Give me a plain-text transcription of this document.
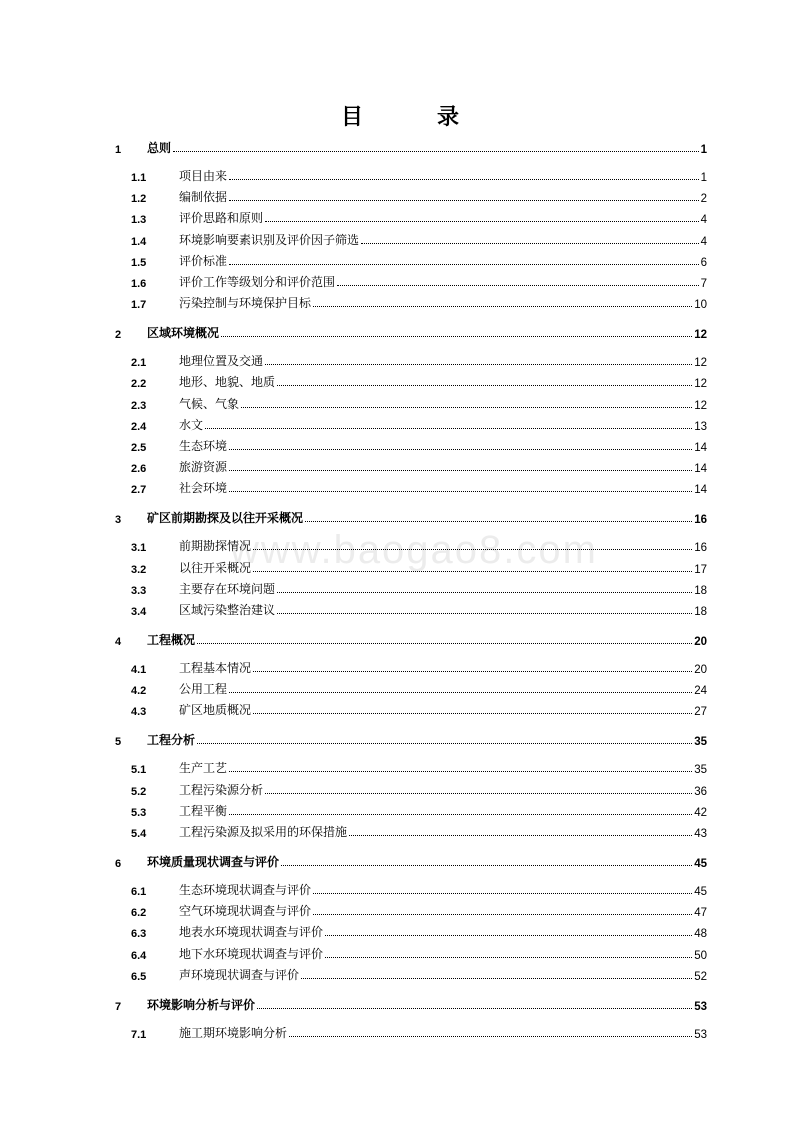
目　录
1	总则	1
1.1	项目由来	1
1.2	编制依据	2
1.3	评价思路和原则	4
1.4	环境影响要素识别及评价因子筛选	4
1.5	评价标准	6
1.6	评价工作等级划分和评价范围	7
1.7	污染控制与环境保护目标	10
2	区域环境概况	12
2.1	地理位置及交通	12
2.2	地形、地貌、地质	12
2.3	气候、气象	12
2.4	水文	13
2.5	生态环境	14
2.6	旅游资源	14
2.7	社会环境	14
3	矿区前期勘探及以往开采概况	16
3.1	前期勘探情况	16
3.2	以往开采概况	17
3.3	主要存在环境问题	18
3.4	区域污染整治建议	18
4	工程概况	20
4.1	工程基本情况	20
4.2	公用工程	24
4.3	矿区地质概况	27
5	工程分析	35
5.1	生产工艺	35
5.2	工程污染源分析	36
5.3	工程平衡	42
5.4	工程污染源及拟采用的环保措施	43
6	环境质量现状调查与评价	45
6.1	生态环境现状调查与评价	45
6.2	空气环境现状调查与评价	47
6.3	地表水环境现状调查与评价	48
6.4	地下水环境现状调查与评价	50
6.5	声环境现状调查与评价	52
7	环境影响分析与评价	53
7.1	施工期环境影响分析	53
www.baogao8.com
